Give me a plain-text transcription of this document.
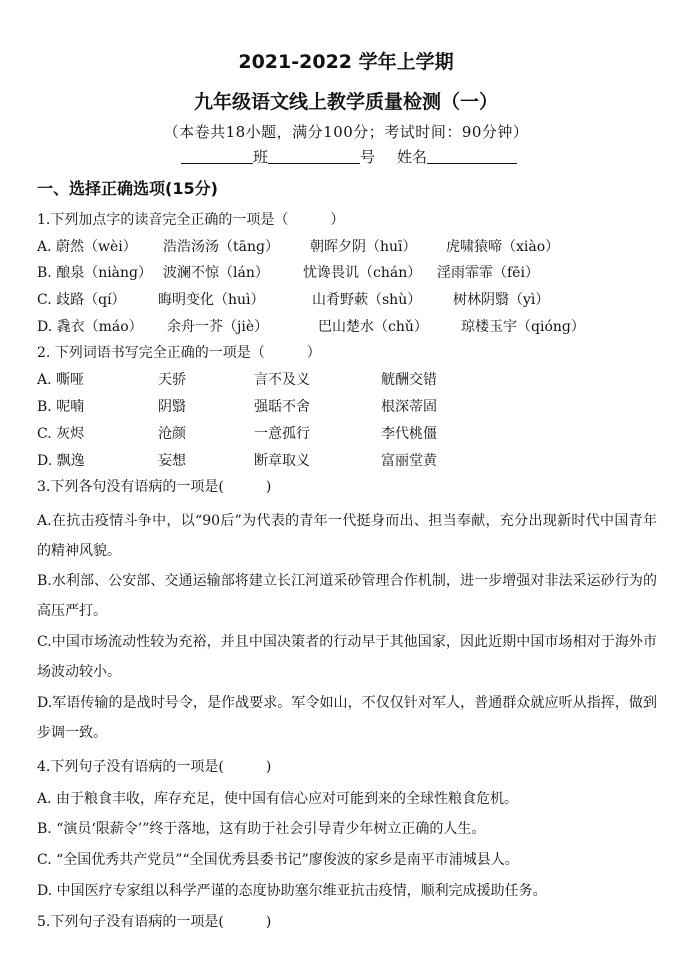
2021-2022 学年上学期
九年级语文线上教学质量检测（一）
（本卷共18小题，满分100分；考试时间：90分钟）
班	号 姓名
一、选择正确选项(15分)
1.下列加点字的读音完全正确的一项是（　　　）
A. 蔚然（wèi） 浩浩汤汤（tānɡ） 朝晖夕阴（huī） 虎啸猿啼（xiào）
B. 酿泉（niànɡ） 波澜不惊（lán） 忧谗畏讥（chán） 淫雨霏霏（fēi）
C. 歧路（qí） 晦明变化（huì）	山肴野蔌（shù） 树林阴翳（yì）
D. 毳衣（máo） 余舟一芥（jiè）	巴山楚水（chǔ） 琼楼玉宇（qiónɡ）
2. 下列词语书写完全正确的一项是（　　　）
A. 嘶哑	天骄	言不及义	觥酬交错
B. 呢喃	阴翳	强聒不舍	根深蒂固
C. 灰烬	沧颜	一意孤行	李代桃僵
D. 飘逸	妄想	断章取义	富丽堂黄
3.下列各句没有语病的一项是(　　　)
A.在抗击疫情斗争中，以“90后”为代表的青年一代挺身而出、担当奉献，充分出现新时代中国青年的精神风貌。
B.水利部、公安部、交通运输部将建立长江河道采砂管理合作机制，进一步增强对非法采运砂行为的高压严打。
C.中国市场流动性较为充裕，并且中国决策者的行动早于其他国家，因此近期中国市场相对于海外市场波动较小。
D.军语传输的是战时号令，是作战要求。军令如山，不仅仅针对军人，普通群众就应听从指挥，做到步调一致。
4.下列句子没有语病的一项是(　　　)
A. 由于粮食丰收，库存充足，使中国有信心应对可能到来的全球性粮食危机。
B. “演员‘限薪令’”终于落地，这有助于社会引导青少年树立正确的人生。
C. “全国优秀共产党员”“全国优秀县委书记”廖俊波的家乡是南平市浦城县人。
D. 中国医疗专家组以科学严谨的态度协助塞尔维亚抗击疫情，顺利完成援助任务。
5.下列句子没有语病的一项是(　　　)
